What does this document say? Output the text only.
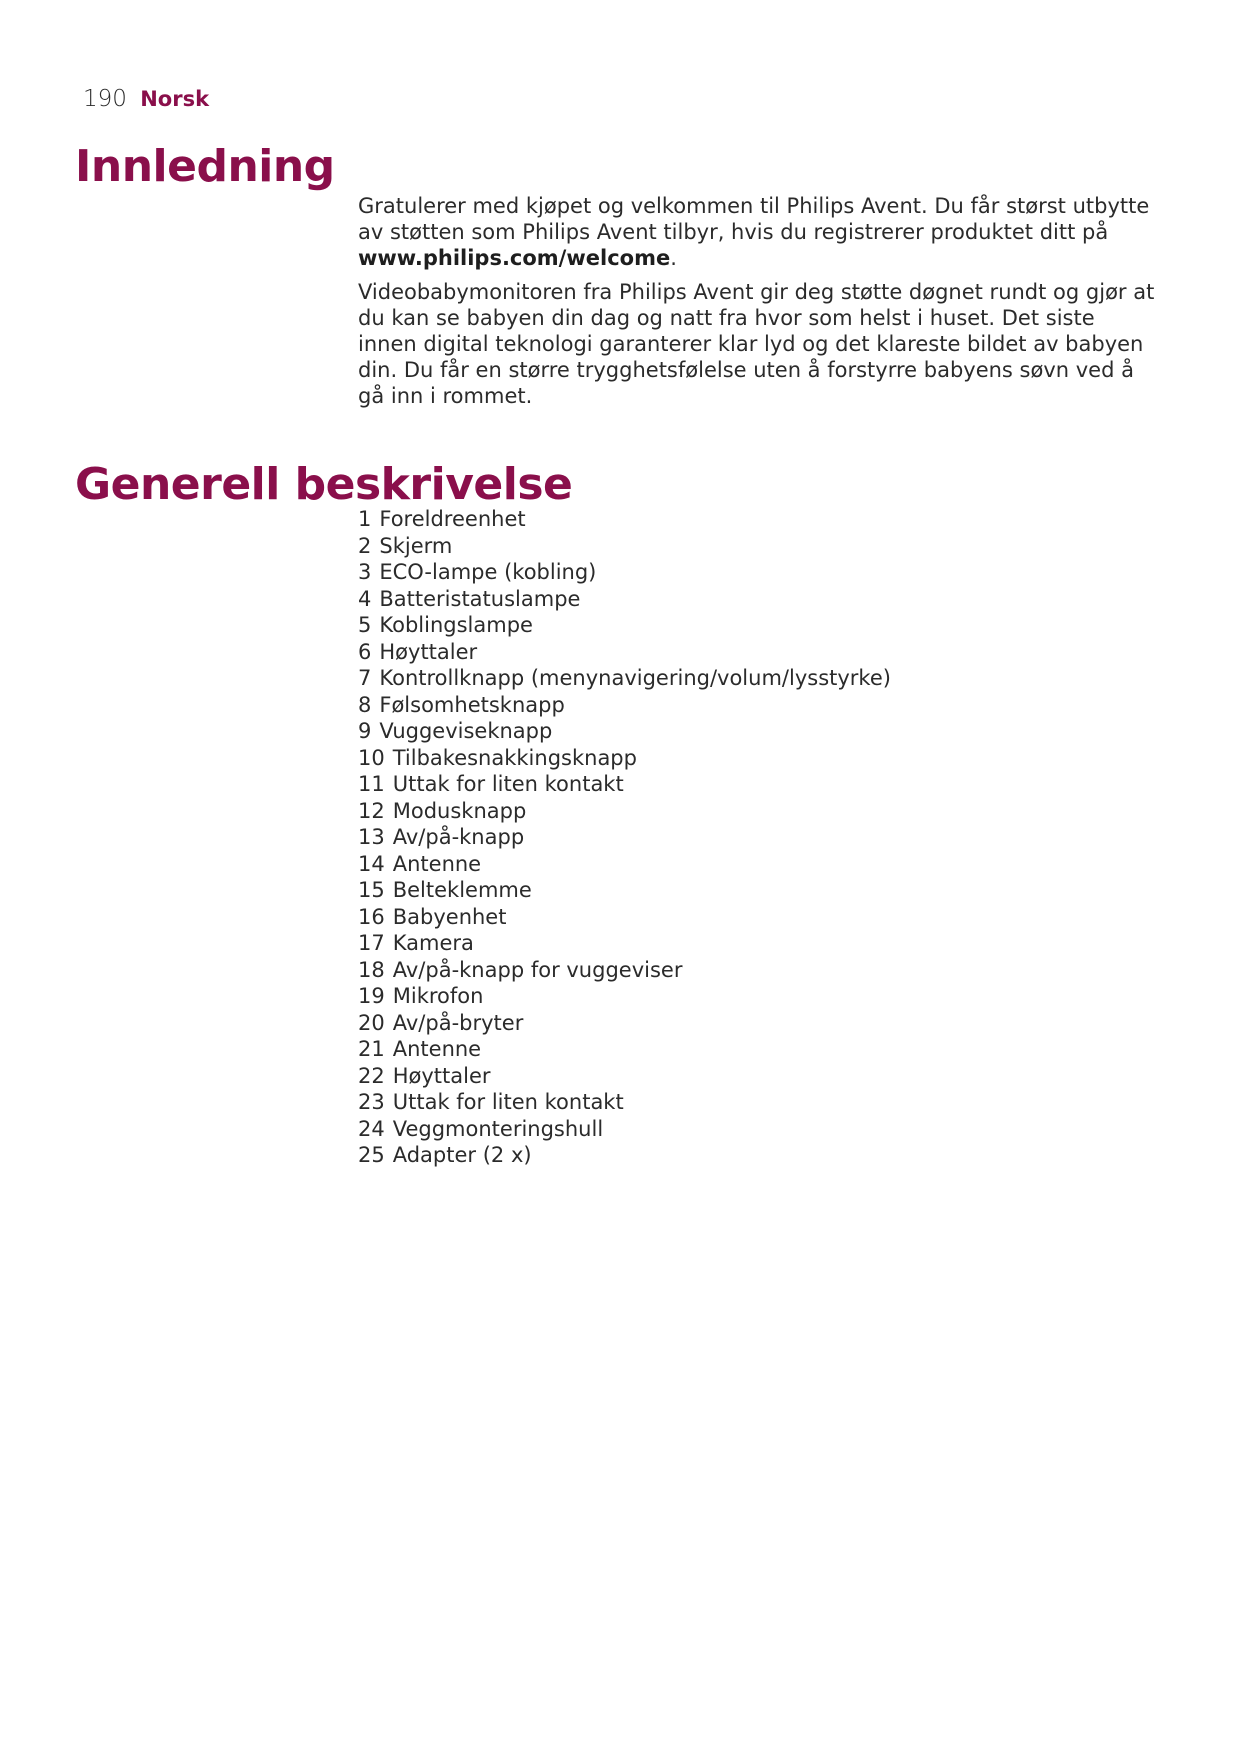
190 Norsk
Innledning

Gratulerer med kjøpet og velkommen til Philips Avent. Du får størst utbytte av støtten som Philips Avent tilbyr, hvis du registrerer produktet ditt på www.philips.com/welcome.

Videobabymonitoren fra Philips Avent gir deg støtte døgnet rundt og gjør at du kan se babyen din dag og natt fra hvor som helst i huset. Det siste innen digital teknologi garanterer klar lyd og det klareste bildet av babyen din. Du får en større trygghetsfølelse uten å forstyrre babyens søvn ved å gå inn i rommet.

Generell beskrivelse
1 Foreldreenhet
2 Skjerm
3 ECO-lampe (kobling)
4 Batteristatuslampe
5 Koblingslampe
6 Høyttaler
7 Kontrollknapp (menynavigering/volum/lysstyrke)
8 Følsomhetsknapp
9 Vuggeviseknapp
10 Tilbakesnakkingsknapp
11 Uttak for liten kontakt
12 Modusknapp
13 Av/på-knapp
14 Antenne
15 Belteklemme
16 Babyenhet
17 Kamera
18 Av/på-knapp for vuggeviser
19 Mikrofon
20 Av/på-bryter
21 Antenne
22 Høyttaler
23 Uttak for liten kontakt
24 Veggmonteringshull
25 Adapter (2 x)
